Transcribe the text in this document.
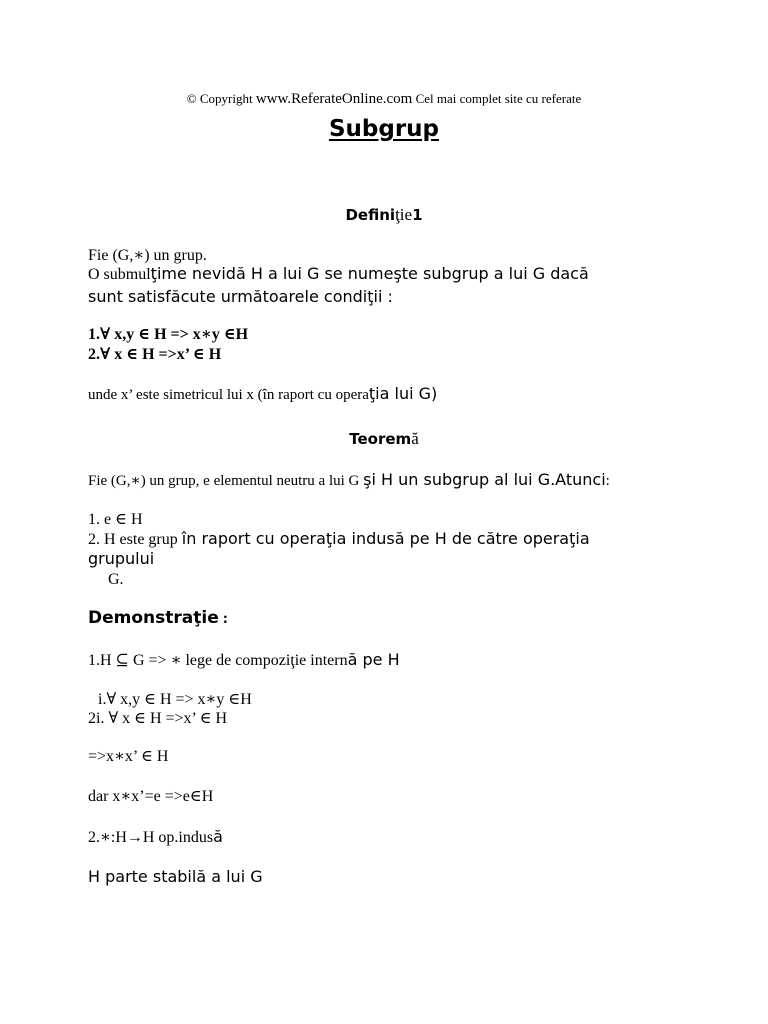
© Copyright www.ReferateOnline.com Cel mai complet site cu referate
Subgrup
Definiţie1
Fie (G,∗) un grup.
O submulţime nevidă H a lui G se numeşte subgrup a lui G dacă
sunt satisfăcute următoarele condiţii :
1.∀ x,y ∈ H => x∗y ∈H
2.∀ x ∈ H =>x’ ∈ H
unde x’ este simetricul lui x (în raport cu operaţia lui G)
Teoremă
Fie (G,∗) un grup, e elementul neutru a lui G şi H un subgrup al lui G.Atunci:
1. e ∈ H
2. H este grup în raport cu operaţia indusă pe H de către operaţia
grupului
G.
Demonstraţie :
1.H ⊆ G => ∗ lege de compoziţie internă pe H
i.∀ x,y ∈ H => x∗y ∈H
2i. ∀ x ∈ H =>x’ ∈ H
=>x∗x’ ∈ H
dar x∗x’=e =>e∈H
2.∗:H→H op.indusă
H parte stabilă a lui G
